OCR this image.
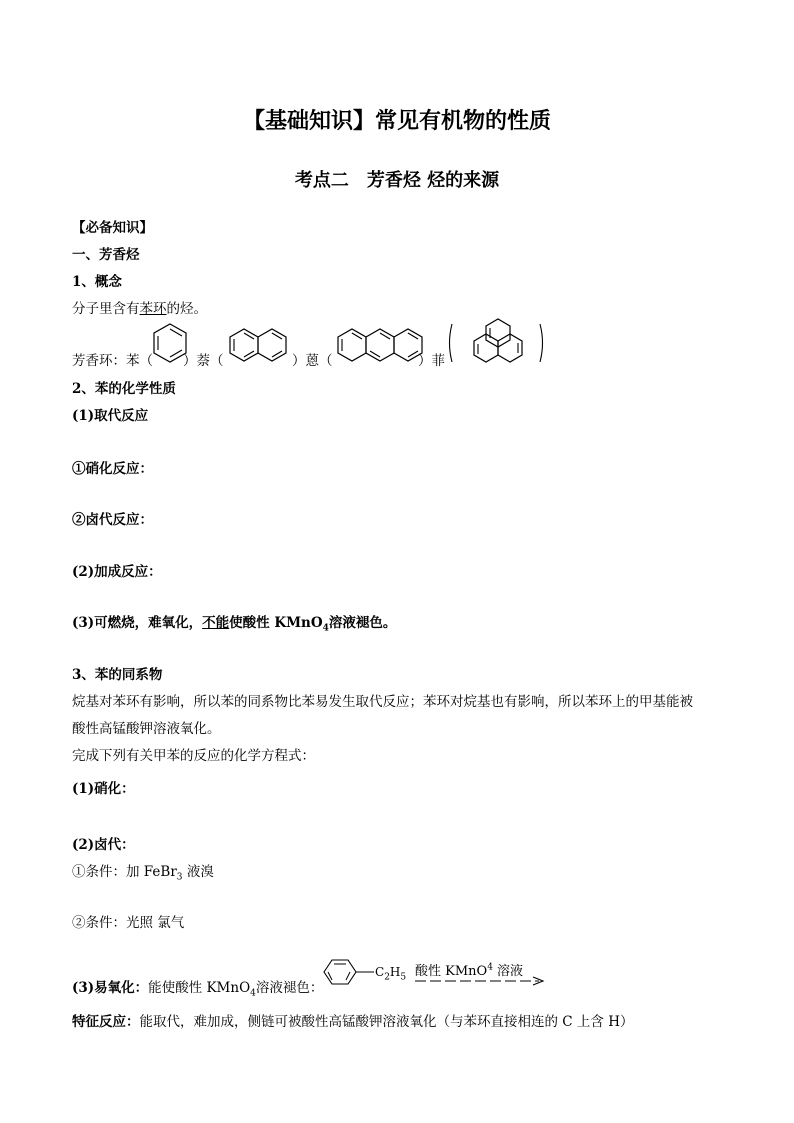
【基础知识】常见有机物的性质
考点二　芳香烃 烃的来源
【必备知识】
一、芳香烃
1、概念
分子里含有苯环的烃。
芳香环：苯（ ）萘（	）蒽（	）菲
2、苯的化学性质
(1)取代反应
①硝化反应：
②卤代反应：
(2)加成反应：
(3)可燃烧，难氧化，不能使酸性 KMnO$_4$溶液褪色。
3、苯的同系物
烷基对苯环有影响，所以苯的同系物比苯易发生取代反应；苯环对烷基也有影响，所以苯环上的甲基能被
酸性高锰酸钾溶液氧化。
完成下列有关甲苯的反应的化学方程式：
(1)硝化：
(2)卤代：
①条件：加 FeBr$_3$ 液溴
②条件：光照 氯气
(3)易氧化：能使酸性 KMnO$_4$溶液褪色：
$C_2H_5$ 酸性 KMnO$^4$ 溶液
特征反应：能取代，难加成，侧链可被酸性高锰酸钾溶液氧化（与苯环直接相连的 C 上含 H）
